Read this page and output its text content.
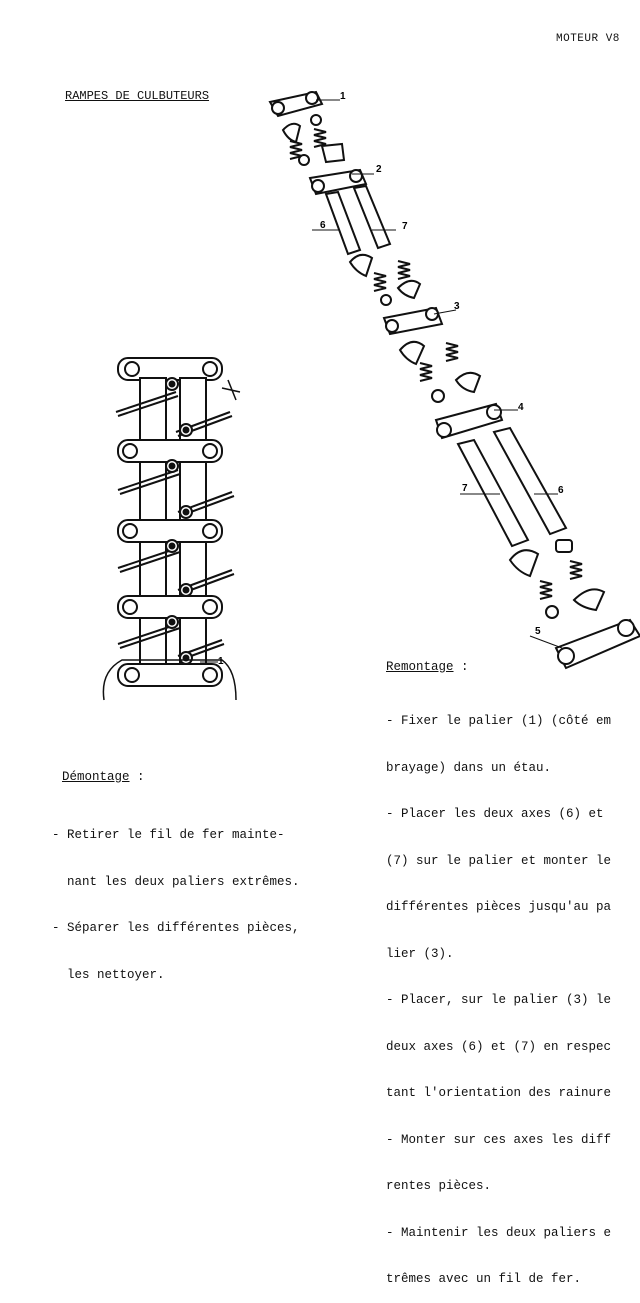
MOTEUR V8
RAMPES DE CULBUTEURS	1
2
6	7
3
4
7	6
5
1
Démontage :

- Retirer le fil de fer mainte-

nant les deux paliers extrêmes.

- Séparer les différentes pièces,

les nettoyer.

Remontage :

- Fixer le palier (1) (côté em

brayage) dans un étau.

- Placer les deux axes (6) et

(7) sur le palier et monter le

différentes pièces jusqu'au pa

lier (3).

- Placer, sur le palier (3) le

deux axes (6) et (7) en respec

tant l'orientation des rainure

- Monter sur ces axes les diff

rentes pièces.

- Maintenir les deux paliers e

trêmes avec un fil de fer.
